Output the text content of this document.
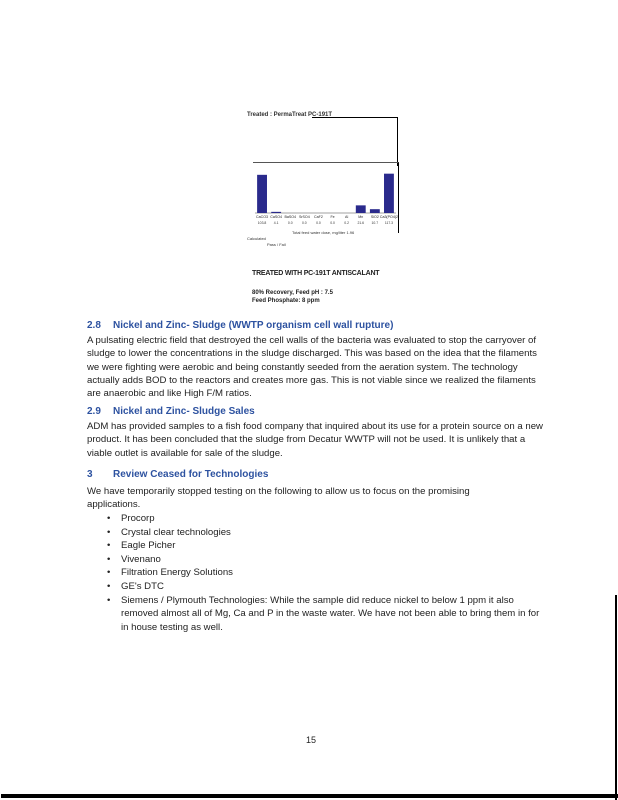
Treated : PermaTreat PC-191T
CaCO3
103.8
CaSO4
4.1
BaSO4
0.0
SrSO4
0.0
CaF2
0.0
Fe
0.0
Al
0.2
Mn
21.6
SiO2
10.7
Ca3(PO4)2
117.3
Total feed water dose, mg/liter 1.96
Calculated
Pass / Fail
TREATED WITH PC-191T ANTISCALANT
80% Recovery, Feed pH : 7.5
Feed Phosphate: 8 ppm
2.8 Nickel and Zinc- Sludge (WWTP organism cell wall rupture)
A pulsating electric field that destroyed the cell walls of the bacteria was evaluated to stop the carryover of sludge to lower the concentrations in the sludge discharged. This was based on the idea that the filaments we were fighting were aerobic and being constantly seeded from the aeration system. The technology actually adds BOD to the reactors and creates more gas. This is not viable since we realized the filaments are anaerobic and like High F/M ratios.
2.9 Nickel and Zinc- Sludge Sales
ADM has provided samples to a fish food company that inquired about its use for a protein source on a new product. It has been concluded that the sludge from Decatur WWTP will not be used. It is unlikely that a viable outlet is available for sale of the sludge.
3 Review Ceased for Technologies
We have temporarily stopped testing on the following to allow us to focus on the promising applications.
• Procorp
• Crystal clear technologies
• Eagle Picher
• Vivenano
• Filtration Energy Solutions
• GE's DTC
• Siemens / Plymouth Technologies: While the sample did reduce nickel to below 1 ppm it also removed almost all of Mg, Ca and P in the waste water. We have not been able to bring them in for in house testing as well.
15
